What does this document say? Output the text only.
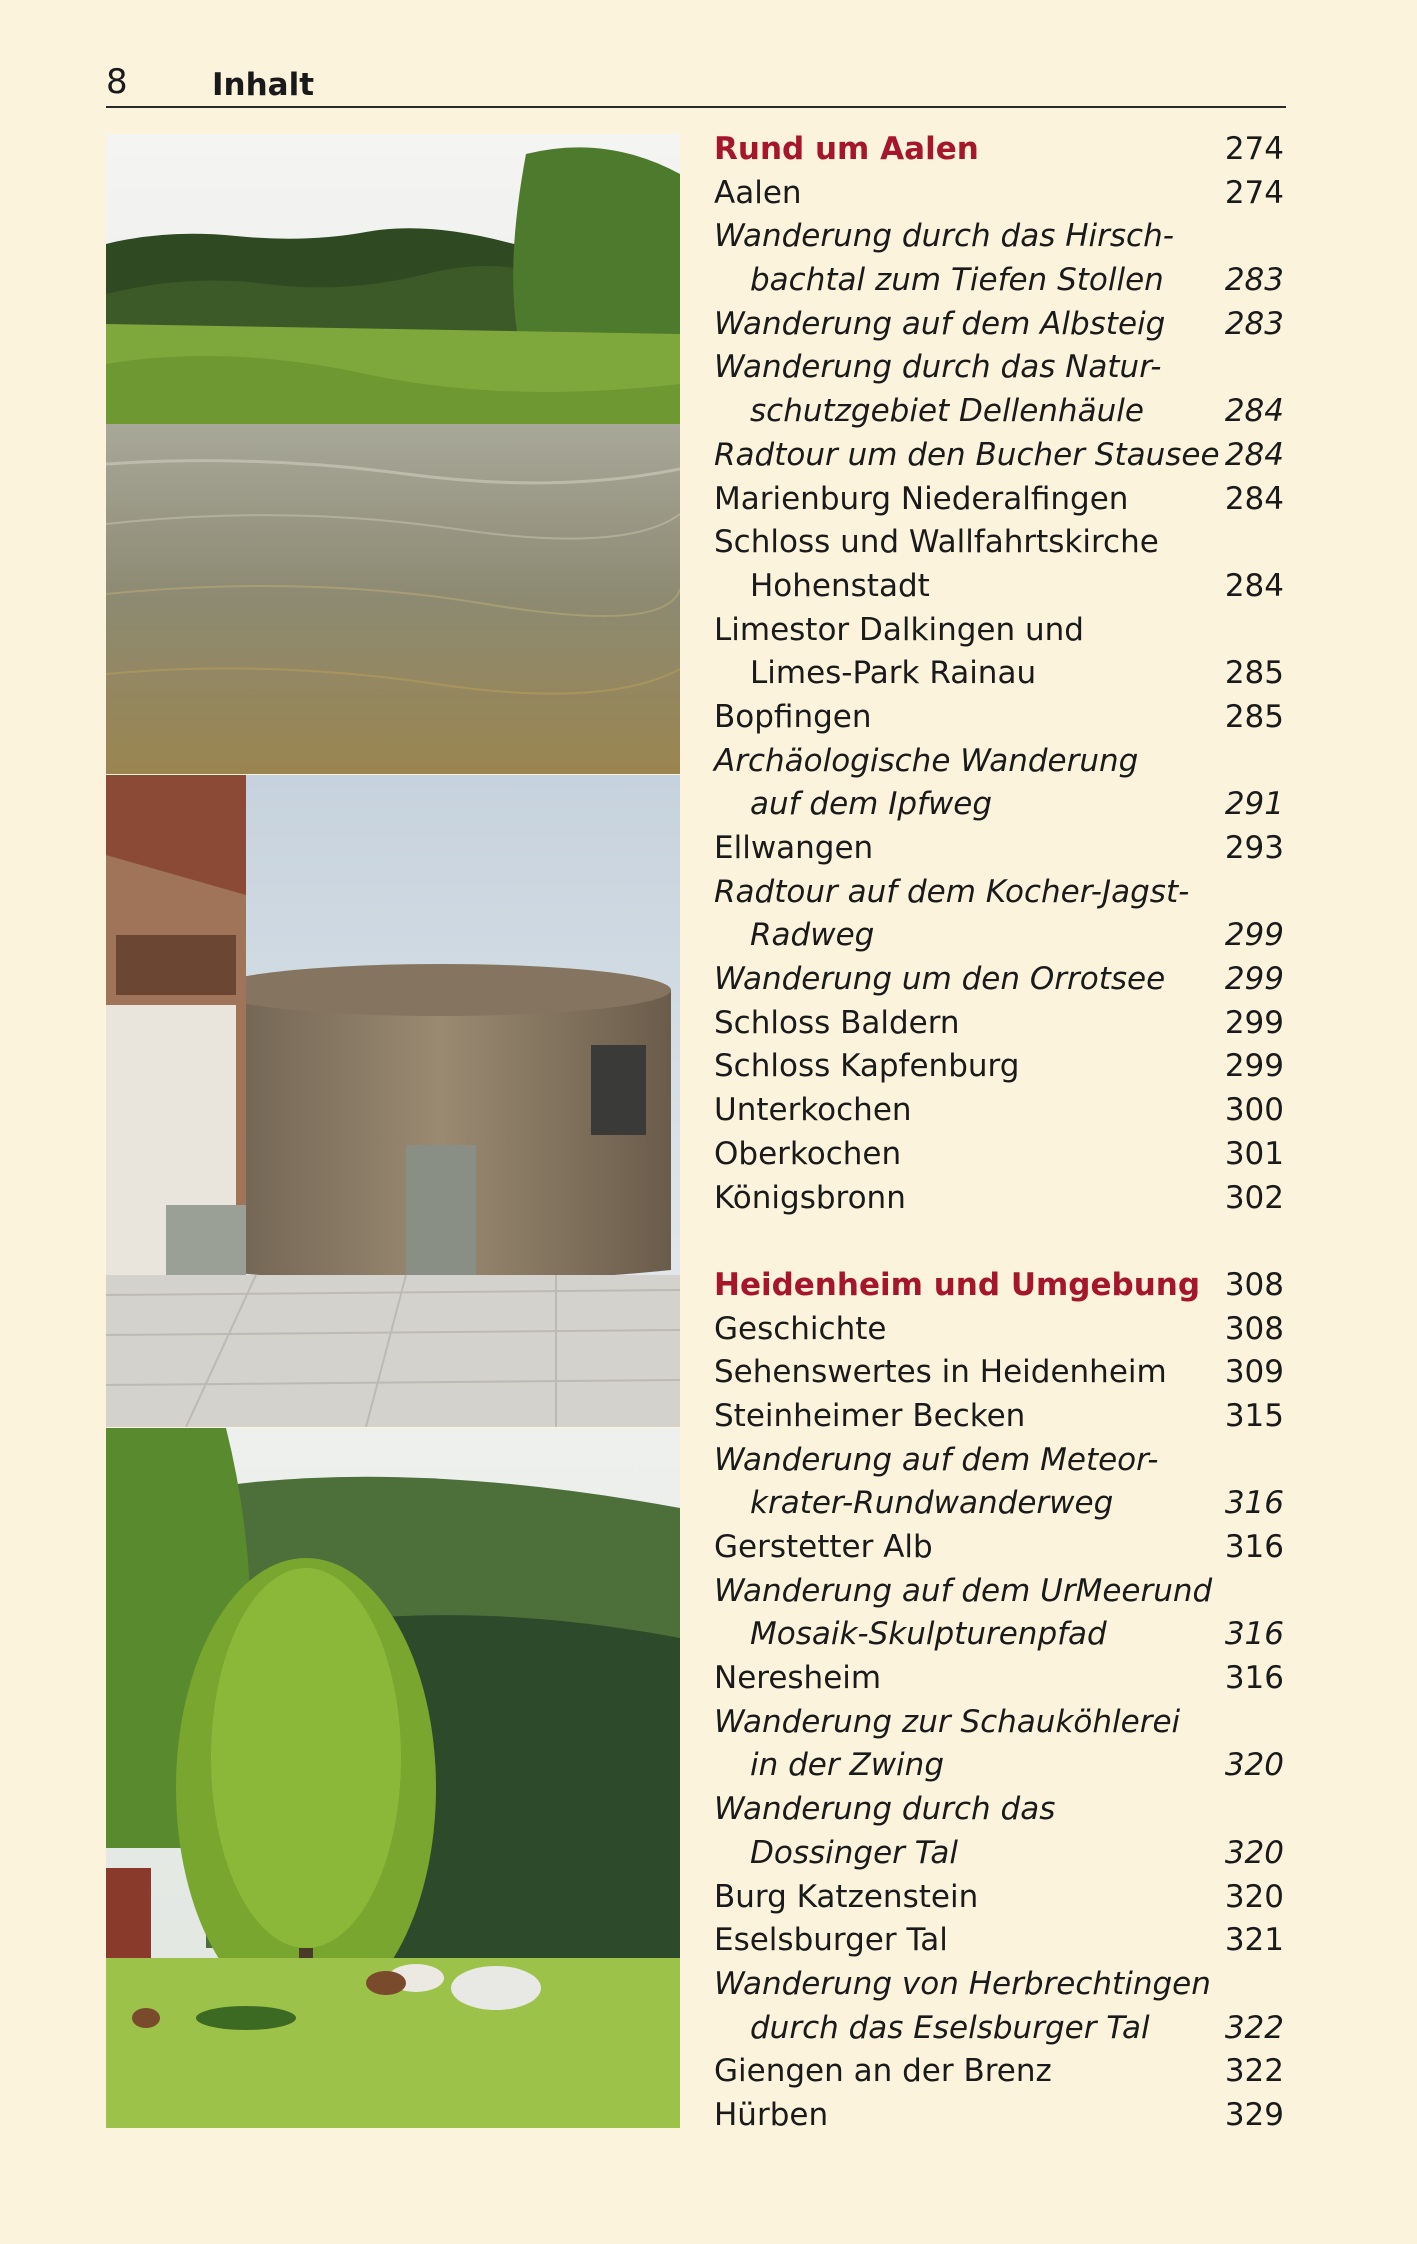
8	Inhalt
Rund um Aalen	274
Aalen	274
Wanderung durch das Hirsch-
bachtal zum Tiefen Stollen	283
Wanderung auf dem Albsteig	283
Wanderung durch das Natur-
schutzgebiet Dellenhäule	284
Radtour um den Bucher Stausee 284
Marienburg Niederalfingen	284
Schloss und Wallfahrtskirche
Hohenstadt	284
Limestor Dalkingen und
Limes-Park Rainau	285
Bopfingen	285
Archäologische Wanderung
auf dem Ipfweg	291
Ellwangen	293
Radtour auf dem Kocher-Jagst-
Radweg	299
Wanderung um den Orrotsee	299
Schloss Baldern	299
Schloss Kapfenburg	299
Unterkochen	300
Oberkochen	301
Königsbronn	302
Heidenheim und Umgebung 308
Geschichte	308
Sehenswertes in Heidenheim	309
Steinheimer Becken	315
Wanderung auf dem Meteor-
krater-Rundwanderweg	316
Gerstetter Alb	316
Wanderung auf dem UrMeerund
Mosaik-Skulpturenpfad	316
Neresheim	316
Wanderung zur Schauköhlerei
in der Zwing	320
Wanderung durch das
Dossinger Tal	320
Burg Katzenstein	320
Eselsburger Tal	321
Wanderung von Herbrechtingen
durch das Eselsburger Tal	322
Giengen an der Brenz	322
Hürben	329
